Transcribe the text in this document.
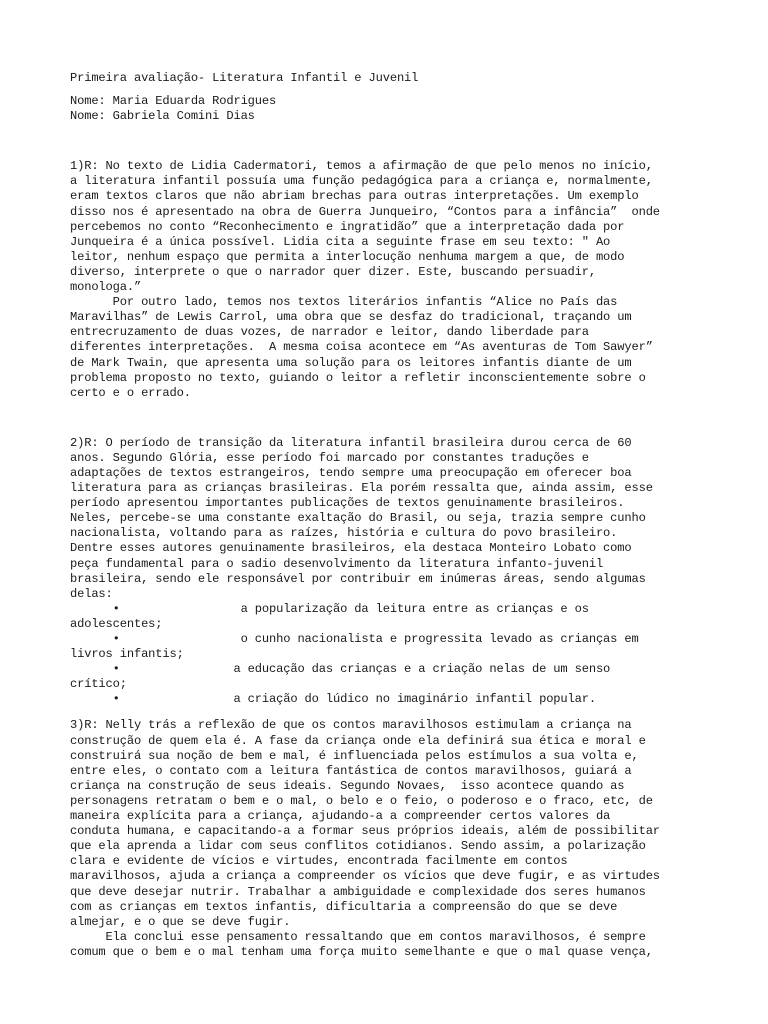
Primeira avaliação- Literatura Infantil e Juvenil
Nome: Maria Eduarda Rodrigues
Nome: Gabriela Comini Dias
1)R: No texto de Lidia Cadermatori, temos a afirmação de que pelo menos no início,
a literatura infantil possuía uma função pedagógica para a criança e, normalmente,
eram textos claros que não abriam brechas para outras interpretações. Um exemplo
disso nos é apresentado na obra de Guerra Junqueiro, “Contos para a infância”  onde
percebemos no conto “Reconhecimento e ingratidão” que a interpretação dada por
Junqueira é a única possível. Lidia cita a seguinte frase em seu texto: " Ao
leitor, nenhum espaço que permita a interlocução nenhuma margem a que, de modo
diverso, interprete o que o narrador quer dizer. Este, buscando persuadir,
monologa.”
Por outro lado, temos nos textos literários infantis “Alice no País das
Maravilhas” de Lewis Carrol, uma obra que se desfaz do tradicional, traçando um
entrecruzamento de duas vozes, de narrador e leitor, dando liberdade para
diferentes interpretações.  A mesma coisa acontece em “As aventuras de Tom Sawyer”
de Mark Twain, que apresenta uma solução para os leitores infantis diante de um
problema proposto no texto, guiando o leitor a refletir inconscientemente sobre o
certo e o errado.
2)R: O período de transição da literatura infantil brasileira durou cerca de 60
anos. Segundo Glória, esse período foi marcado por constantes traduções e
adaptações de textos estrangeiros, tendo sempre uma preocupação em oferecer boa
literatura para as crianças brasileiras. Ela porém ressalta que, ainda assim, esse
período apresentou importantes publicações de textos genuinamente brasileiros.
Neles, percebe-se uma constante exaltação do Brasil, ou seja, trazia sempre cunho
nacionalista, voltando para as raízes, história e cultura do povo brasileiro.
Dentre esses autores genuinamente brasileiros, ela destaca Monteiro Lobato como
peça fundamental para o sadio desenvolvimento da literatura infanto-juvenil
brasileira, sendo ele responsável por contribuir em inúmeras áreas, sendo algumas
delas:
•                 a popularização da leitura entre as crianças e os
adolescentes;
•                 o cunho nacionalista e progressita levado as crianças em
livros infantis;
•                a educação das crianças e a criação nelas de um senso
crítico;
•                a criação do lúdico no imaginário infantil popular.
3)R: Nelly trás a reflexão de que os contos maravilhosos estimulam a criança na
construção de quem ela é. A fase da criança onde ela definirá sua ética e moral e
construirá sua noção de bem e mal, é influenciada pelos estímulos a sua volta e,
entre eles, o contato com a leitura fantástica de contos maravilhosos, guiará a
criança na construção de seus ideais. Segundo Novaes,  isso acontece quando as
personagens retratam o bem e o mal, o belo e o feio, o poderoso e o fraco, etc, de
maneira explícita para a criança, ajudando-a a compreender certos valores da
conduta humana, e capacitando-a a formar seus próprios ideais, além de possibilitar
que ela aprenda a lidar com seus conflitos cotidianos. Sendo assim, a polarização
clara e evidente de vícios e virtudes, encontrada facilmente em contos
maravilhosos, ajuda a criança a compreender os vícios que deve fugir, e as virtudes
que deve desejar nutrir. Trabalhar a ambiguidade e complexidade dos seres humanos
com as crianças em textos infantis, dificultaria a compreensão do que se deve
almejar, e o que se deve fugir.
Ela conclui esse pensamento ressaltando que em contos maravilhosos, é sempre
comum que o bem e o mal tenham uma força muito semelhante e que o mal quase vença,
